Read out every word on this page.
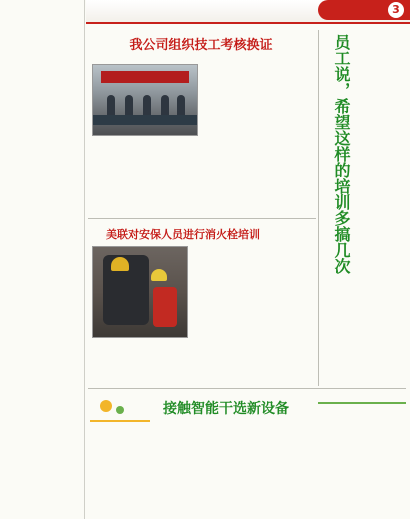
3
我公司组织技工考核换证
美联对安保人员进行消火栓培训	员工说，希望这样的培训多搞几次
接触智能干选新设备
